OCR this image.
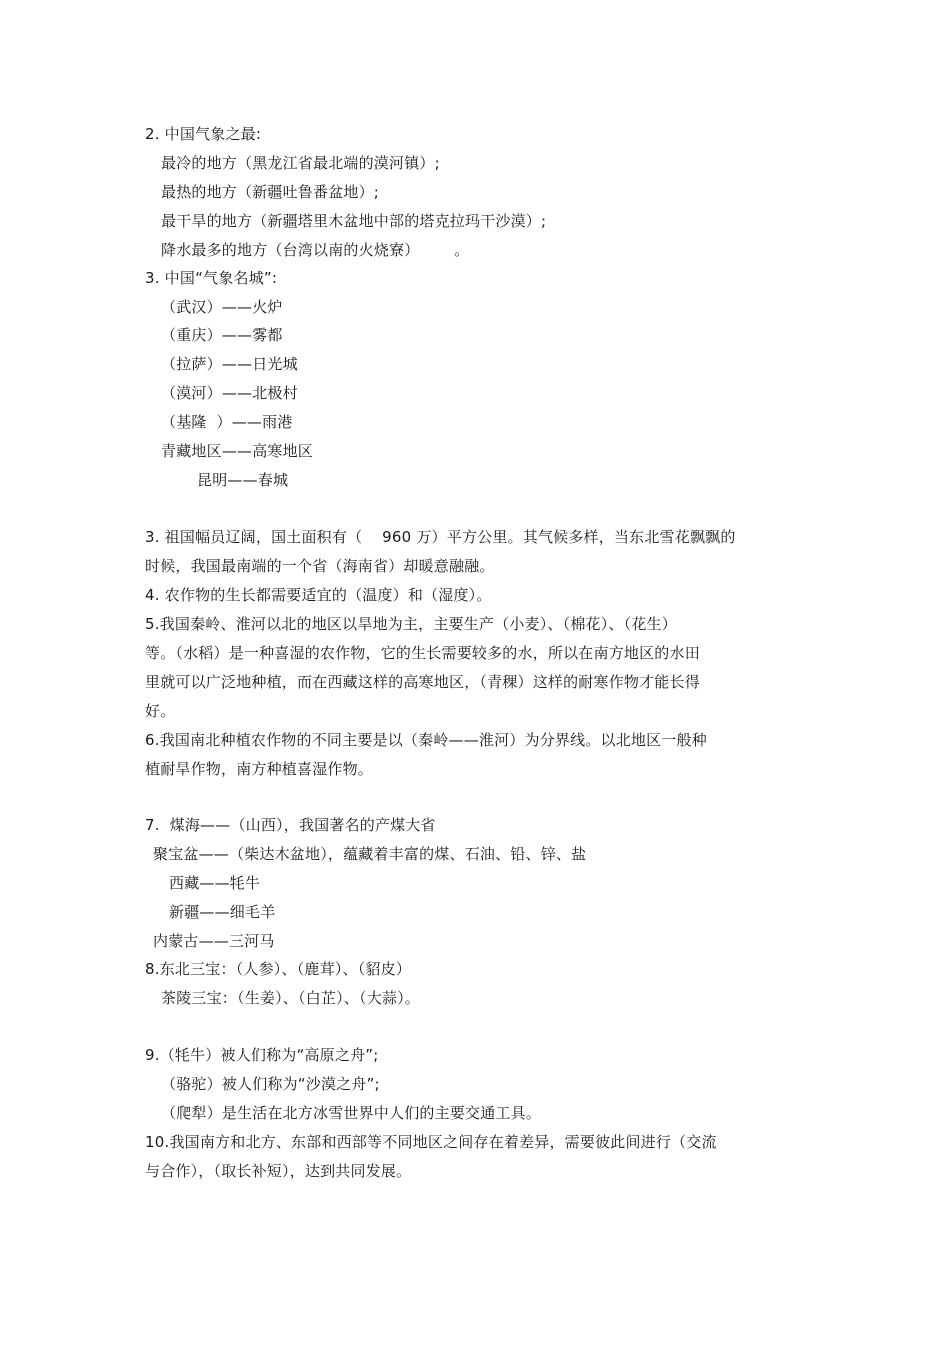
2. 中国气象之最:
最冷的地方（黑龙江省最北端的漠河镇）;
最热的地方（新疆吐鲁番盆地）;
最干旱的地方（新疆塔里木盆地中部的塔克拉玛干沙漠）;
降水最多的地方（台湾以南的火烧寮）       。
3. 中国“气象名城”:
（武汉）——火炉
（重庆）——雾都
（拉萨）——日光城
（漠河）——北极村
（基隆  ）——雨港
青藏地区——高寒地区
昆明——春城
3. 祖国幅员辽阔，国土面积有（    960 万）平方公里。其气候多样，当东北雪花飘飘的
时候，我国最南端的一个省（海南省）却暖意融融。
4. 农作物的生长都需要适宜的（温度）和（湿度）。
5.我国秦岭、淮河以北的地区以旱地为主，主要生产（小麦）、（棉花）、（花生）
等。（水稻）是一种喜湿的农作物，它的生长需要较多的水，所以在南方地区的水田
里就可以广泛地种植，而在西藏这样的高寒地区，（青稞）这样的耐寒作物才能长得
好。
6.我国南北种植农作物的不同主要是以（秦岭——淮河）为分界线。以北地区一般种
植耐旱作物，南方种植喜湿作物。
7.  煤海——（山西），我国著名的产煤大省
聚宝盆——（柴达木盆地），蕴藏着丰富的煤、石油、铅、锌、盐
西藏——牦牛
新疆——细毛羊
内蒙古——三河马
8.东北三宝：（人参）、（鹿茸）、（貂皮）
茶陵三宝：（生姜）、（白芷）、（大蒜）。
9.（牦牛）被人们称为“高原之舟”;
（骆驼）被人们称为“沙漠之舟”;
（爬犁）是生活在北方冰雪世界中人们的主要交通工具。
10.我国南方和北方、东部和西部等不同地区之间存在着差异，需要彼此间进行（交流
与合作），（取长补短），达到共同发展。
